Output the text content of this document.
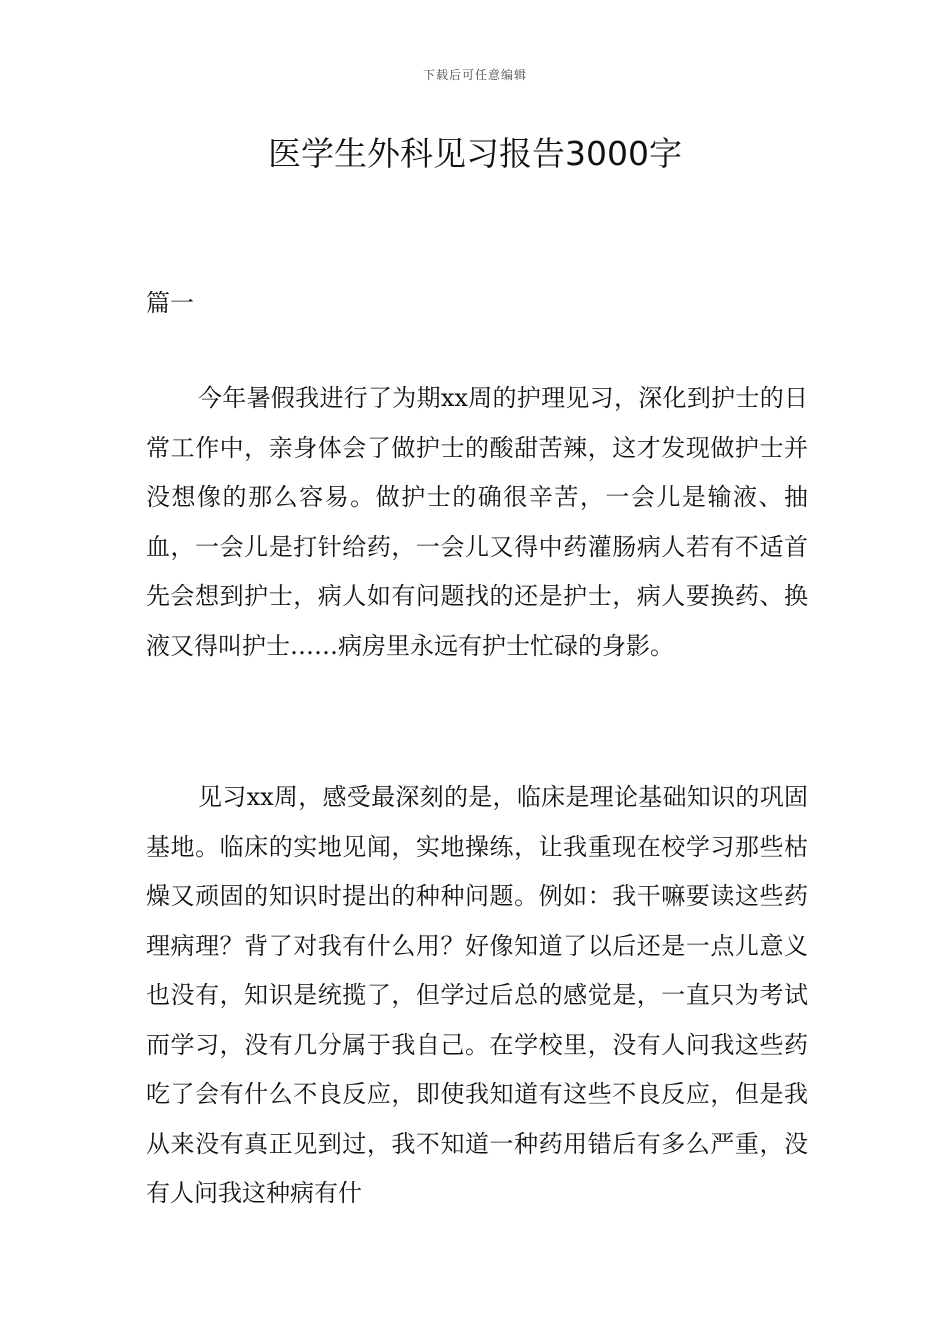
下载后可任意编辑
医学生外科见习报告3000字
篇一

今年暑假我进行了为期xx周的护理见习，深化到护士的日常工作中，亲身体会了做护士的酸甜苦辣，这才发现做护士并没想像的那么容易。做护士的确很辛苦，一会儿是输液、抽血，一会儿是打针给药，一会儿又得中药灌肠病人若有不适首先会想到护士，病人如有问题找的还是护士，病人要换药、换液又得叫护士……病房里永远有护士忙碌的身影。

见习xx周，感受最深刻的是，临床是理论基础知识的巩固基地。临床的实地见闻，实地操练，让我重现在校学习那些枯燥又顽固的知识时提出的种种问题。例如：我干嘛要读这些药理病理？背了对我有什么用？好像知道了以后还是一点儿意义也没有，知识是统揽了，但学过后总的感觉是，一直只为考试而学习，没有几分属于我自己。在学校里，没有人问我这些药吃了会有什么不良反应，即使我知道有这些不良反应，但是我从来没有真正见到过，我不知道一种药用错后有多么严重，没有人问我这种病有什
